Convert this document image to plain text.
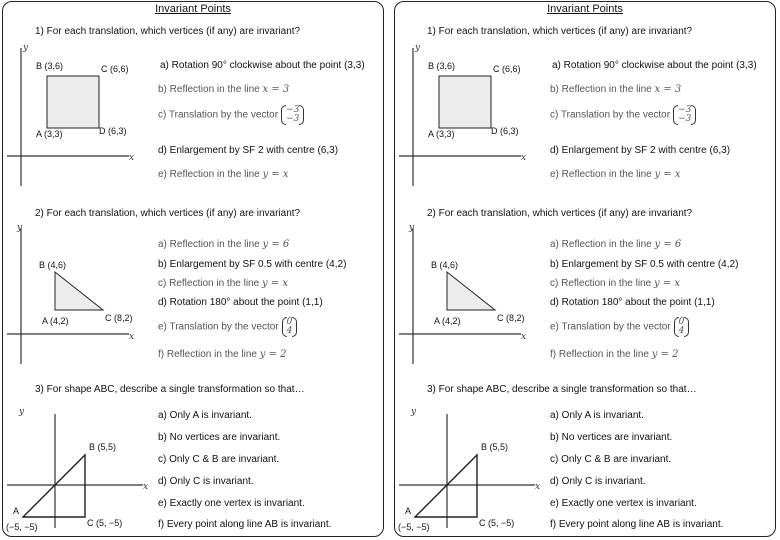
Invariant Points
1) For each translation, which vertices (if any) are invariant?
y
x
B (3,6)	C (6,6)
A (3,3)	D (6,3)
a) Rotation 90° clockwise about the point (3,3)
b) Reflection in the line x = 3
c) Translation by the vector −3
−3
d) Enlargement by SF 2 with centre (6,3)
e) Reflection in the line y = x
2) For each translation, which vertices (if any) are invariant?
y
x
B (4,6)
A (4,2)	C (8,2)
a) Reflection in the line y = 6
b) Enlargement by SF 0.5 with centre (4,2)
c) Reflection in the line y = x
d) Rotation 180° about the point (1,1)
e) Translation by the vector 0
4
f) Reflection in the line y = 2
3) For shape ABC, describe a single transformation so that…
y
x
B (5,5)
A
(−5, −5)	C (5, −5)
a) Only A is invariant.
b) No vertices are invariant.
c) Only C & B are invariant.
d) Only C is invariant.
e) Exactly one vertex is invariant.
f) Every point along line AB is invariant.
Invariant Points
1) For each translation, which vertices (if any) are invariant?
y
x
B (3,6)	C (6,6)
A (3,3)	D (6,3)
a) Rotation 90° clockwise about the point (3,3)
b) Reflection in the line x = 3
c) Translation by the vector −3
−3
d) Enlargement by SF 2 with centre (6,3)
e) Reflection in the line y = x
2) For each translation, which vertices (if any) are invariant?
y
x
B (4,6)
A (4,2)	C (8,2)
a) Reflection in the line y = 6
b) Enlargement by SF 0.5 with centre (4,2)
c) Reflection in the line y = x
d) Rotation 180° about the point (1,1)
e) Translation by the vector 0
4
f) Reflection in the line y = 2
3) For shape ABC, describe a single transformation so that…
y
x
B (5,5)
A
(−5, −5)	C (5, −5)
a) Only A is invariant.
b) No vertices are invariant.
c) Only C & B are invariant.
d) Only C is invariant.
e) Exactly one vertex is invariant.
f) Every point along line AB is invariant.
